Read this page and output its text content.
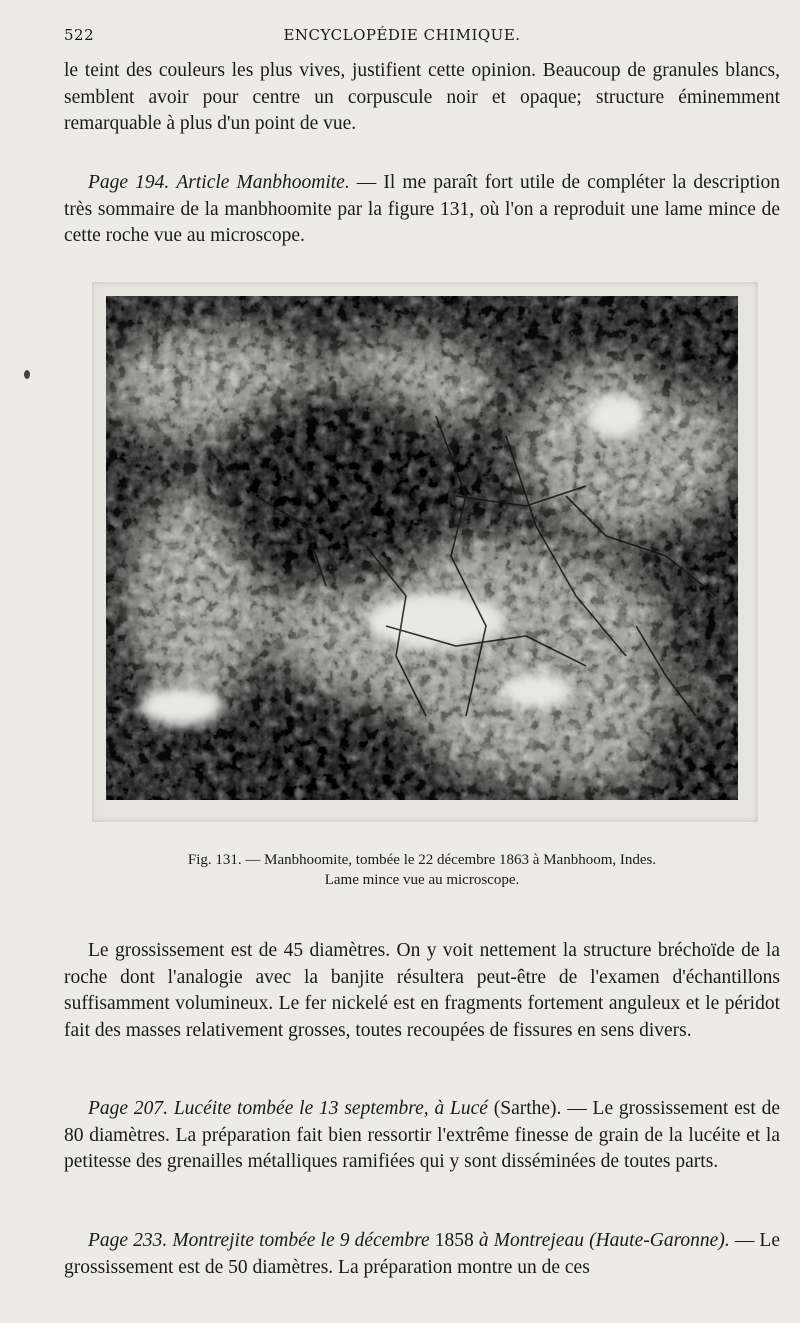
522	ENCYCLOPÉDIE CHIMIQUE.

le teint des couleurs les plus vives, justifient cette opinion. Beaucoup de granules blancs, semblent avoir pour centre un corpuscule noir et opaque; structure éminemment remarquable à plus d'un point de vue.

Page 194. Article Manbhoomite. — Il me paraît fort utile de compléter la description très sommaire de la manbhoomite par la figure 131, où l'on a reproduit une lame mince de cette roche vue au microscope.

Fig. 131. — Manbhoomite, tombée le 22 décembre 1863 à Manbhoom, Indes.
Lame mince vue au microscope.

Le grossissement est de 45 diamètres. On y voit nettement la structure bréchoïde de la roche dont l'analogie avec la banjite résultera peut-être de l'examen d'échantillons suffisamment volumineux. Le fer nickelé est en fragments fortement anguleux et le péridot fait des masses relativement grosses, toutes recoupées de fissures en sens divers.

Page 207. Lucéite tombée le 13 septembre, à Lucé (Sarthe). — Le grossissement est de 80 diamètres. La préparation fait bien ressortir l'extrême finesse de grain de la lucéite et la petitesse des grenailles métalliques ramifiées qui y sont disséminées de toutes parts.

Page 233. Montrejite tombée le 9 décembre 1858 à Montrejeau (Haute-Garonne). — Le grossissement est de 50 diamètres. La préparation montre un de ces
